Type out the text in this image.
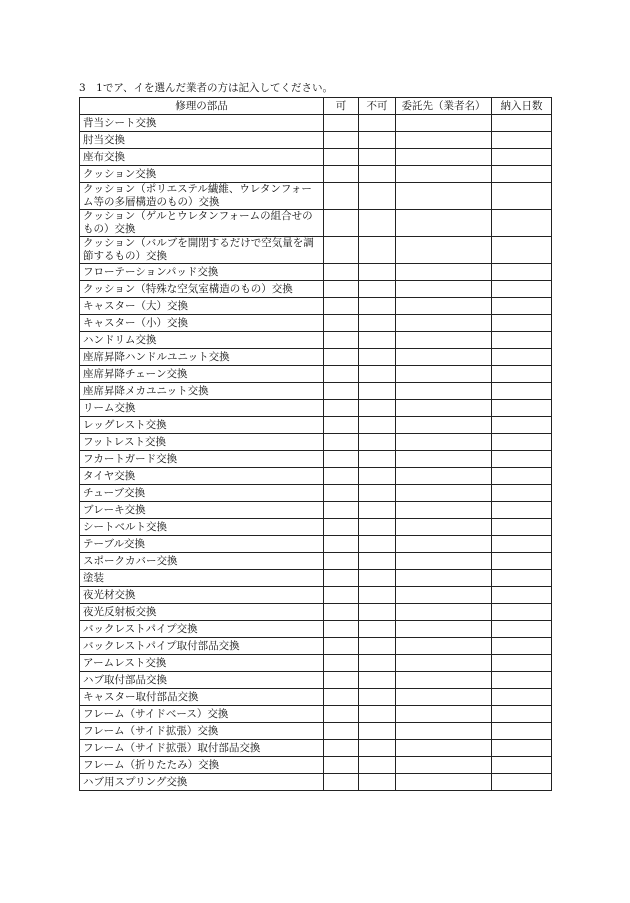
3　1でア、イを選んだ業者の方は記入してください。
修理の部品	可	不可	委託先（業者名）	納入日数
背当シート交換				
肘当交換				
座布交換				
クッション交換				
クッション（ポリエステル繊維、ウレタンフォーム等の多層構造のもの）交換				
クッション（ゲルとウレタンフォームの組合せのもの）交換				
クッション（バルブを開閉するだけで空気量を調節するもの）交換				
フローテーションパッド交換				
クッション（特殊な空気室構造のもの）交換				
キャスター（大）交換				
キャスター（小）交換				
ハンドリム交換				
座席昇降ハンドルユニット交換				
座席昇降チェーン交換				
座席昇降メカユニット交換				
リーム交換				
レッグレスト交換				
フットレスト交換				
フカートガード交換				
タイヤ交換				
チューブ交換				
ブレーキ交換				
シートベルト交換				
テーブル交換				
スポークカバー交換				
塗装				
夜光材交換				
夜光反射板交換				
バックレストパイプ交換				
バックレストパイプ取付部品交換				
アームレスト交換				
ハブ取付部品交換				
キャスター取付部品交換				
フレーム（サイドベース）交換				
フレーム（サイド拡張）交換				
フレーム（サイド拡張）取付部品交換				
フレーム（折りたたみ）交換				
ハブ用スプリング交換				
